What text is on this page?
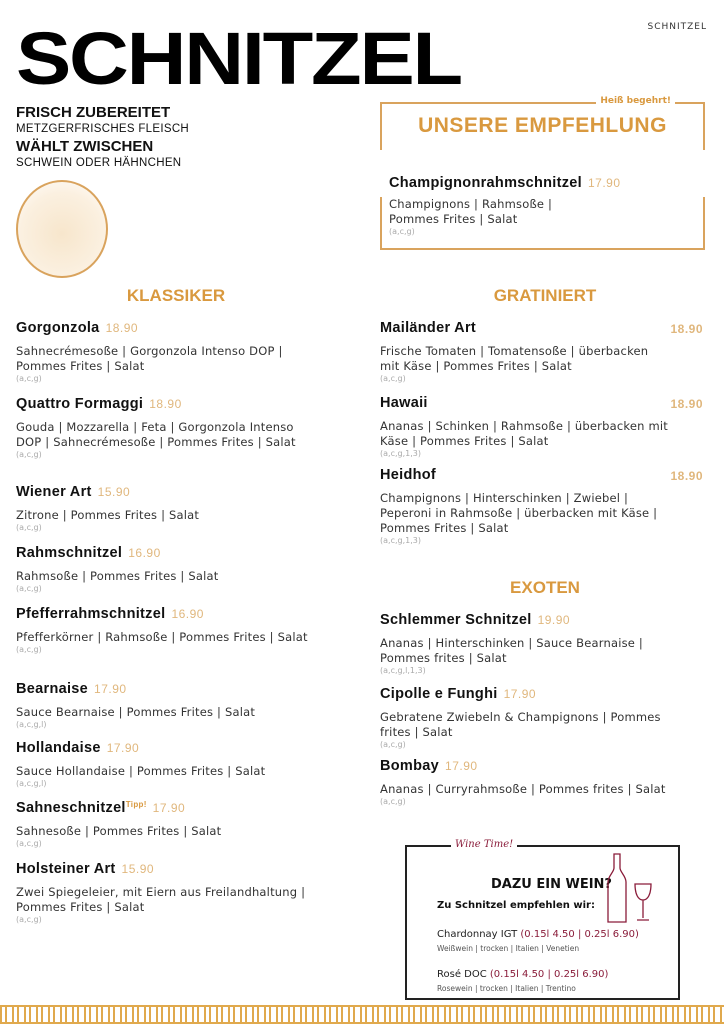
SCHNITZEL
SCHNITZEL
FRISCH ZUBEREITET
METZGERFRISCHES FLEISCH
WÄHLT ZWISCHEN
SCHWEIN ODER HÄHNCHEN
Heiß begehrt!
UNSERE EMPFEHLUNG
Champignonrahmschnitzel 17.90
Champignons | Rahmsoße | Pommes Frites | Salat
(a,c,g)
KLASSIKER	GRATINIERT
EXOTEN
Gorgonzola 18.90
Sahnecrémesoße | Gorgonzola Intenso DOP | Pommes Frites | Salat
(a,c,g)
Quattro Formaggi 18.90
Gouda | Mozzarella | Feta | Gorgonzola Intenso DOP | Sahnecrémesoße | Pommes Frites | Salat
(a,c,g)
Wiener Art 15.90
Zitrone | Pommes Frites | Salat
(a,c,g)
Rahmschnitzel 16.90
Rahmsoße | Pommes Frites | Salat
(a,c,g)
Pfefferrahmschnitzel 16.90
Pfefferkörner | Rahmsoße | Pommes Frites | Salat
(a,c,g)
Bearnaise 17.90
Sauce Bearnaise | Pommes Frites | Salat
(a,c,g,l)
Hollandaise 17.90
Sauce Hollandaise | Pommes Frites | Salat
(a,c,g,l)
Sahneschnitzel$^{Tipp!}$ 17.90
Sahnesoße | Pommes Frites | Salat
(a,c,g)
Holsteiner Art 15.90
Zwei Spiegeleier, mit Eiern aus Freilandhaltung | Pommes Frites | Salat
(a,c,g)
Mailänder Art	18.90
Frische Tomaten | Tomatensoße | überbacken mit Käse | Pommes Frites | Salat
(a,c,g)
Hawaii	18.90
Ananas | Schinken | Rahmsoße | überbacken mit Käse | Pommes Frites | Salat
(a,c,g,1,3)
Heidhof	18.90
Champignons | Hinterschinken | Zwiebel | Peperoni in Rahmsoße | überbacken mit Käse | Pommes Frites | Salat
(a,c,g,1,3)
Schlemmer Schnitzel 19.90
Ananas | Hinterschinken | Sauce Bearnaise | Pommes frites | Salat
(a,c,g,l,1,3)
Cipolle e Funghi 17.90
Gebratene Zwiebeln & Champignons | Pommes frites | Salat
(a,c,g)
Bombay 17.90
Ananas | Curryrahmsoße | Pommes frites | Salat
(a,c,g)
Wine Time!
DAZU EIN WEIN?
Zu Schnitzel empfehlen wir:
Chardonnay IGT (0.15l 4.50 | 0.25l 6.90)
Weißwein | trocken | Italien | Venetien
Rosé DOC (0.15l 4.50 | 0.25l 6.90)
Rosewein | trocken | Italien | Trentino
